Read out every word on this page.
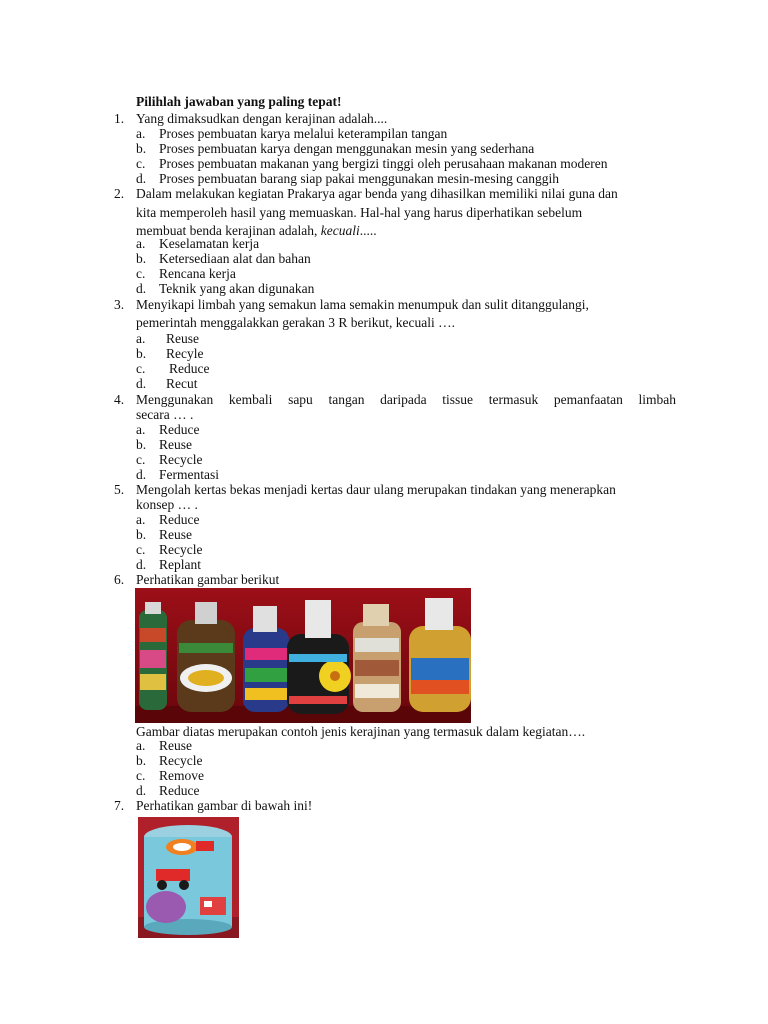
Pilihlah jawaban yang paling tepat!
1. Yang dimaksudkan dengan kerajinan adalah....
a. Proses pembuatan karya melalui keterampilan tangan
b. Proses pembuatan karya dengan menggunakan mesin yang sederhana
c. Proses pembuatan makanan yang bergizi tinggi oleh perusahaan makanan moderen
d. Proses pembuatan barang siap pakai menggunakan mesin-mesing canggih
2. Dalam melakukan kegiatan Prakarya agar benda yang dihasilkan memiliki nilai guna dan
kita memperoleh hasil yang memuaskan. Hal-hal yang harus diperhatikan sebelum
membuat benda kerajinan adalah, kecuali.....
a. Keselamatan kerja
b. Ketersediaan alat dan bahan
c. Rencana kerja
d. Teknik yang akan digunakan
3. Menyikapi limbah yang semakun lama semakin menumpuk dan sulit ditanggulangi,
pemerintah menggalakkan gerakan 3 R berikut, kecuali ….
a. Reuse
b. Recyle
c. Reduce
d. Recut
4. Menggunakan kembali sapu tangan daripada tissue termasuk pemanfaatan limbah
secara … .
a. Reduce
b. Reuse
c. Recycle
d. Fermentasi
5. Mengolah kertas bekas menjadi kertas daur ulang merupakan tindakan yang menerapkan
konsep … .
a. Reduce
b. Reuse
c. Recycle
d. Replant
6. Perhatikan gambar berikut
Gambar diatas merupakan contoh jenis kerajinan yang termasuk dalam kegiatan….
a. Reuse
b. Recycle
c. Remove
d. Reduce
7. Perhatikan gambar di bawah ini!
